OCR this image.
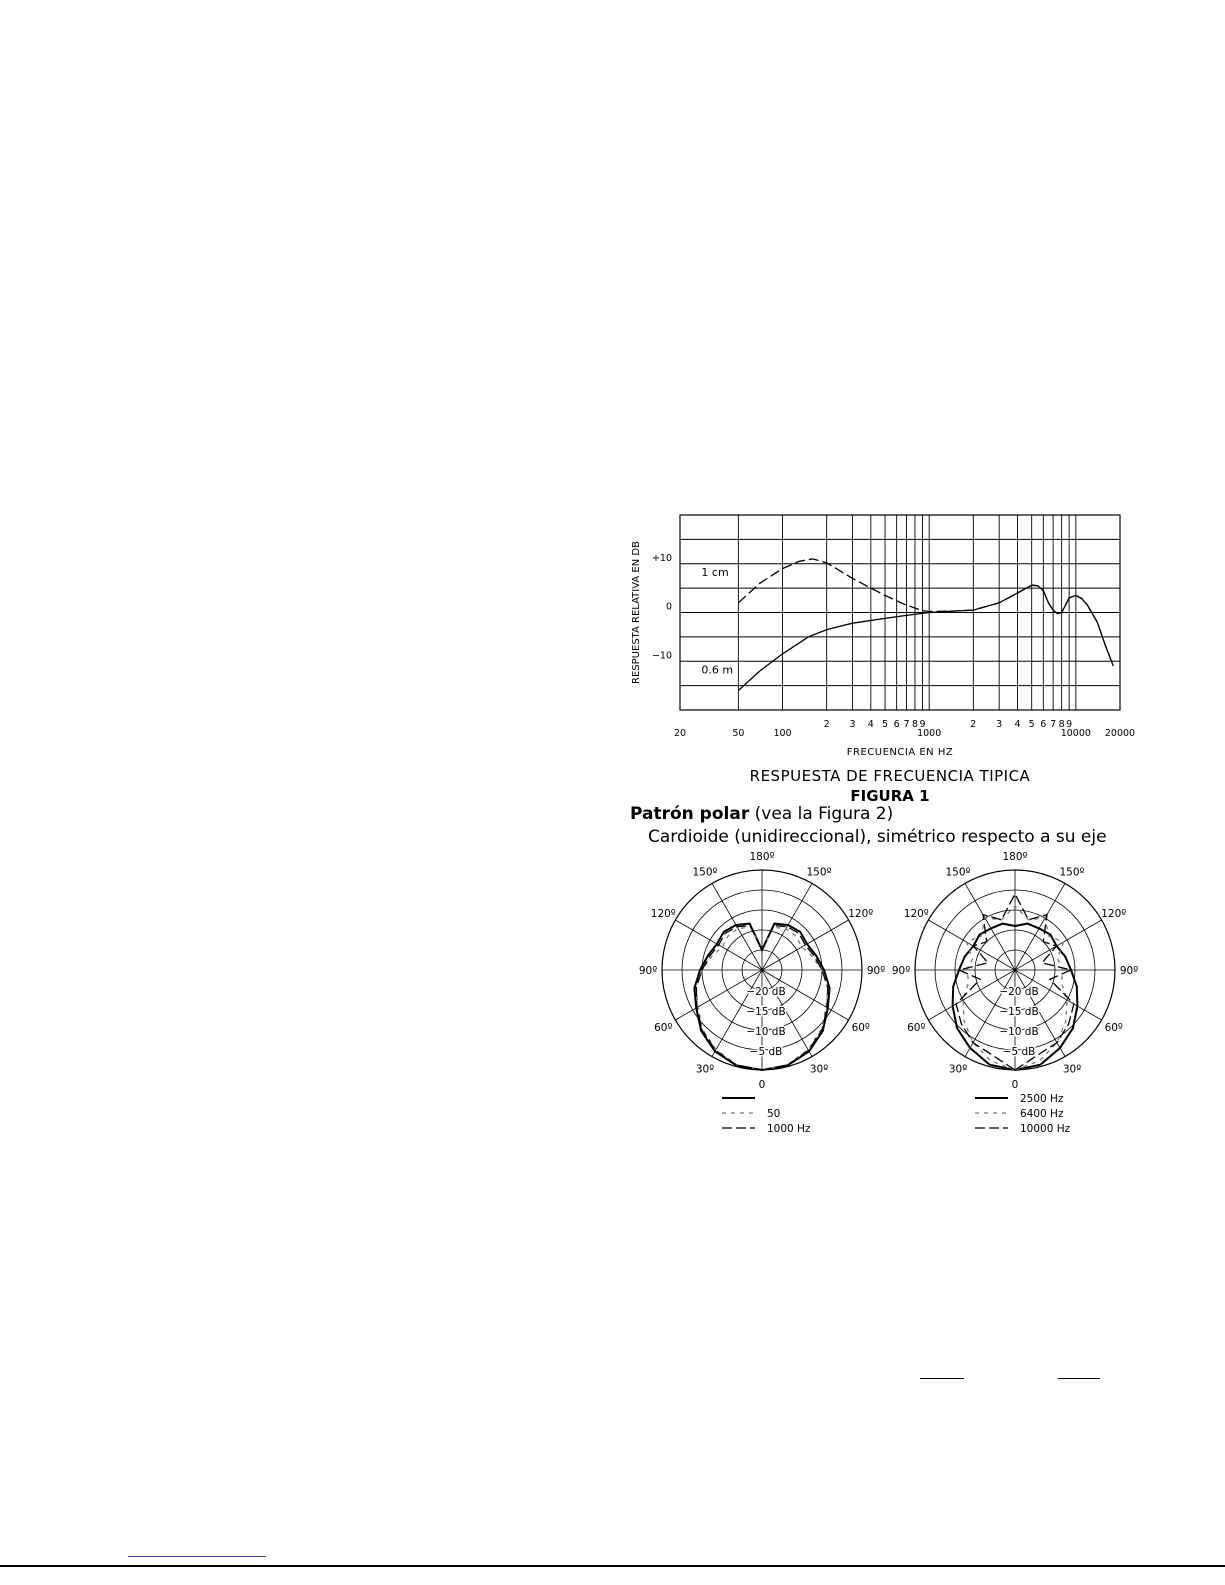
20	50	100
2 3 4 5 6 7 8 9
1000
2 3 4 5 6 7 8 9
10000 20000
+10
0
−10
FRECUENCIA EN HZ
RESPUESTA RELATIVA EN DB	1 cm
0.6 m
RESPUESTA DE FRECUENCIA TIPICA
FIGURA 1
Patrón polar (vea la Figura 2)
Cardioide (unidireccional), simétrico respecto a su eje
180º
150º
150º
120º
120º
90º
90º
60º
60º
30º
30º
0
−20 dB
−15 dB
−10 dB
−5 dB
50
1000 Hz
180º
150º
150º
120º
120º
90º
90º
60º
60º
30º
30º
0
−20 dB
−15 dB
−10 dB
−5 dB
2500 Hz
6400 Hz
10000 Hz
